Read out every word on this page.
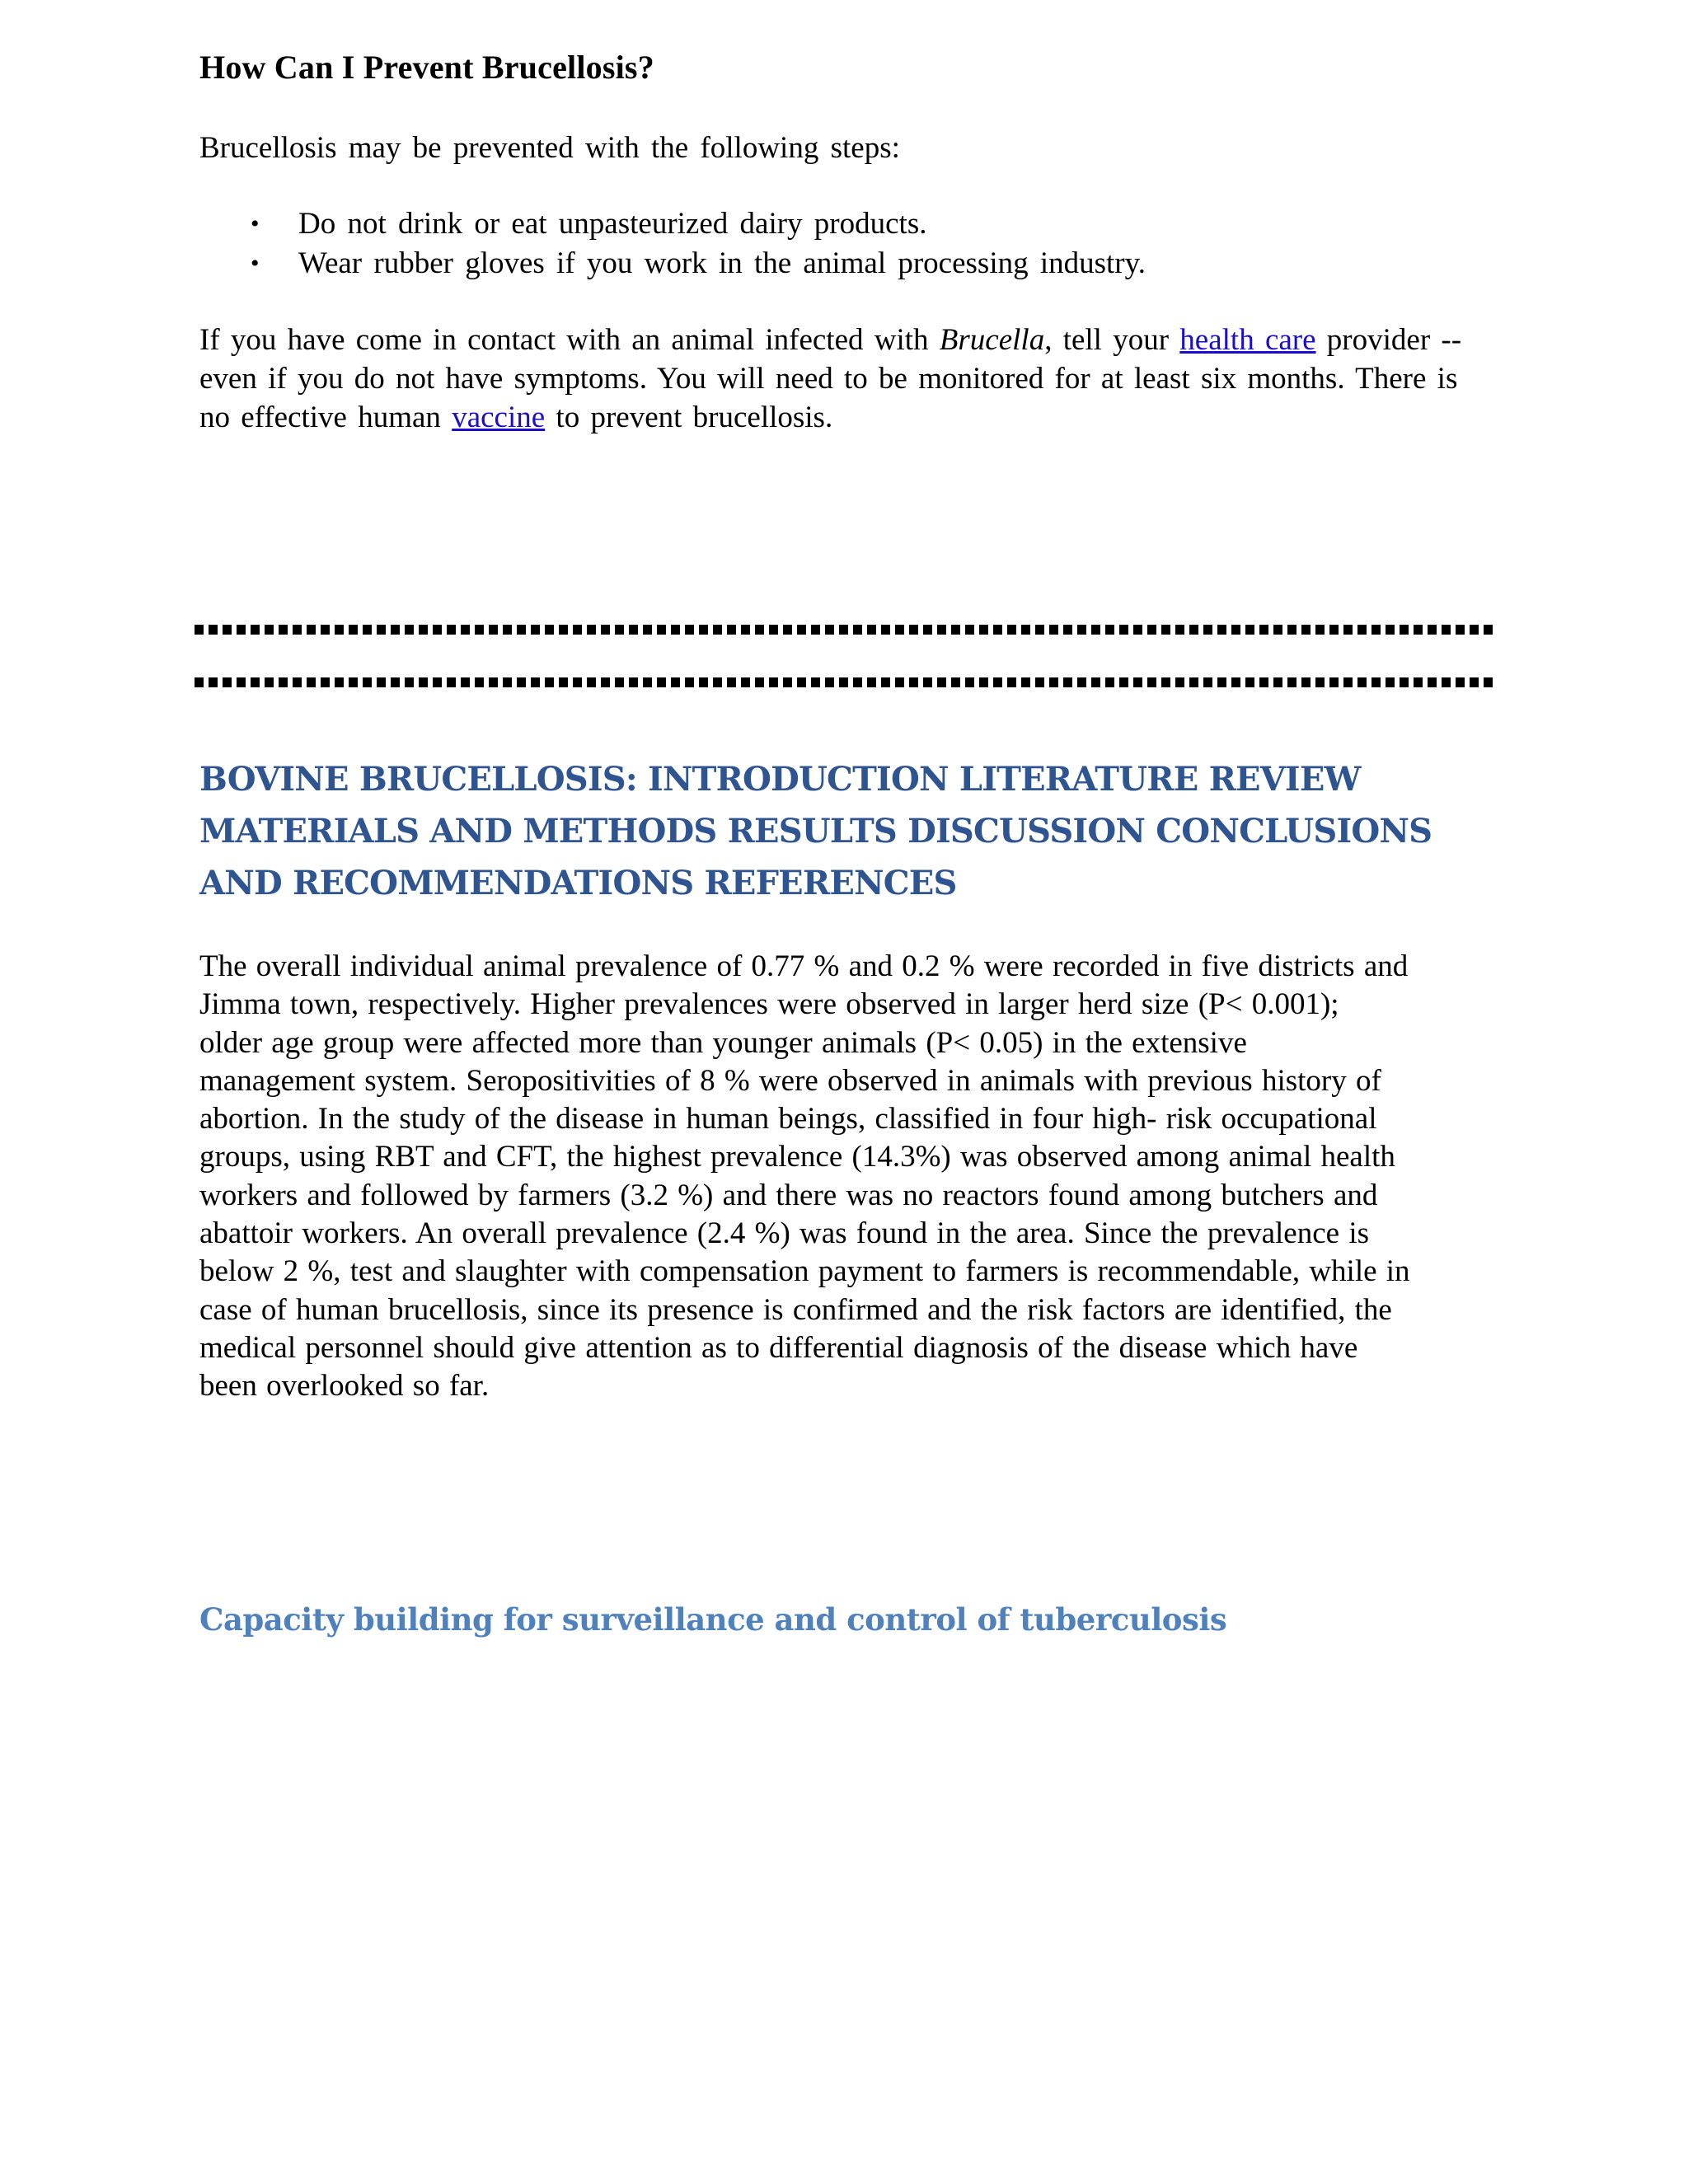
How Can I Prevent Brucellosis?

Brucellosis may be prevented with the following steps:

• Do not drink or eat unpasteurized dairy products.
• Wear rubber gloves if you work in the animal processing industry.

If you have come in contact with an animal infected with Brucella, tell your health care provider -- even if you do not have symptoms. You will need to be monitored for at least six months. There is no effective human vaccine to prevent brucellosis.

BOVINE BRUCELLOSIS: INTRODUCTION LITERATURE REVIEW MATERIALS AND METHODS RESULTS DISCUSSION CONCLUSIONS AND RECOMMENDATIONS REFERENCES
The overall individual animal prevalence of 0.77 % and 0.2 % were recorded in five districts and
Jimma town, respectively. Higher prevalences were observed in larger herd size (P< 0.001);
older age group were affected more than younger animals (P< 0.05) in the extensive
management system. Seropositivities of 8 % were observed in animals with previous history of
abortion. In the study of the disease in human beings, classified in four high- risk occupational
groups, using RBT and CFT, the highest prevalence (14.3%) was observed among animal health
workers and followed by farmers (3.2 %) and there was no reactors found among butchers and
abattoir workers. An overall prevalence (2.4 %) was found in the area. Since the prevalence is
below 2 %, test and slaughter with compensation payment to farmers is recommendable, while in
case of human brucellosis, since its presence is confirmed and the risk factors are identified, the
medical personnel should give attention as to differential diagnosis of the disease which have
been overlooked so far.
Capacity building for surveillance and control of tuberculosis
